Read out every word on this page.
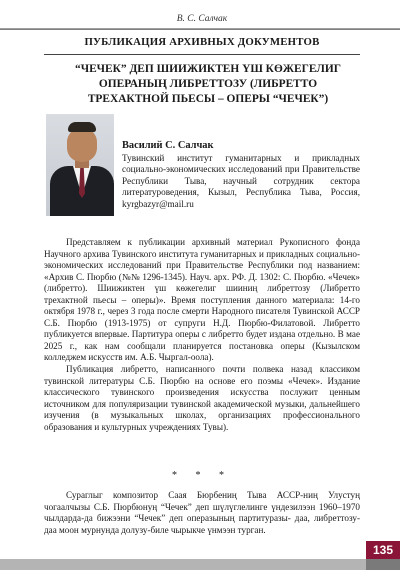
В. С. Салчак
ПУБЛИКАЦИЯ АРХИВНЫХ ДОКУМЕНТОВ
“ЧЕЧЕК” ДЕП ШИИЖИКТЕН ҮШ КӨЖЕГЕЛИГ ОПЕРАНЫҢ ЛИБРЕТТОЗУ (ЛИБРЕТТО ТРЕХАКТНОЙ ПЬЕСЫ – ОПЕРЫ “ЧЕЧЕК”)
Василий С. Салчак
Тувинский институт гуманитарных и прикладных социально-экономических исследований при Правительстве Республики Тыва, научный сотрудник сектора литературоведения, Кызыл, Республика Тыва, Россия, kyrgbazyr@mail.ru

Представляем к публикации архивный материал Рукописного фонда Научного архива Тувинского института гуманитарных и прикладных социально-экономических исследований при Правительстве Республики под названием: «Архив С. Пюрбю (№№ 1296-1345). Науч. арх. РФ. Д. 1302: С. Пюрбю. «Чечек» (либретто). Шиижиктен үш көжегелиг шииниң либреттозу (Либретто трехактной пьесы – оперы)». Время поступления данного материала: 14-го октября 1978 г., через 3 года после смерти Народного писателя Тувинской АССР С.Б. Пюрбю (1913-1975) от супруги Н.Д. Пюрбю-Филатовой. Либретто публикуется впервые. Партитура оперы с либретто будет издана отдельно. В мае 2025 г., как нам сообщали планируется постановка оперы (Кызылском колледжем искусств им. А.Б. Чыргал-оола).

Публикация либретто, написанного почти полвека назад классиком тувинской литературы С.Б. Пюрбю на основе его поэмы «Чечек». Издание классического тувинского произведения искусства послужит ценным источником для популяризации тувинской академической музыки, дальнейшего изучения (в музыкальных школах, организациях профессионального образования и культурных учреждениях Тувы).

* * *

Сураглыг композитор Саая Бюрбениң Тыва АССР-ниң Улустуң чогаалчызы С.Б. Пюрбюнуң “Чечек” деп шүлүглелинге үндезилээн 1960–1970 чылдарда-да бижээни “Чечек” деп операзының партитуразы- даа, либреттозу-даа моон мурнунда долузу-биле чырыкче үнмээн турган.

135
